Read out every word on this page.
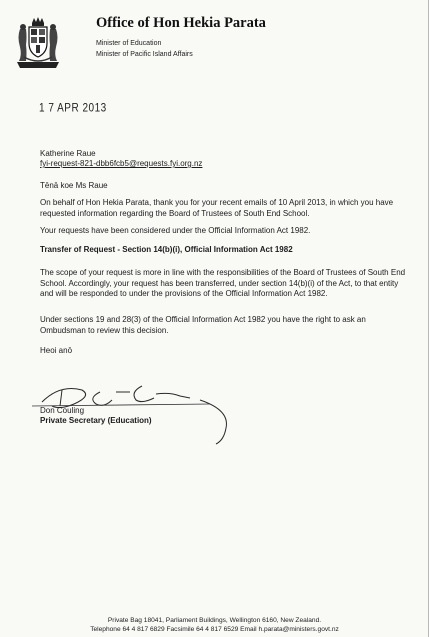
Office of Hon Hekia Parata
Minister of Education
Minister of Pacific Island Affairs
1 7 APR 2013
Katherine Raue
fyi-request-821-dbb6fcb5@requests.fyi.org.nz
Tēnā koe Ms Raue
On behalf of Hon Hekia Parata, thank you for your recent emails of 10 April 2013, in which you have requested information regarding the Board of Trustees of South End School.
Your requests have been considered under the Official Information Act 1982.
Transfer of Request - Section 14(b)(i), Official Information Act 1982
The scope of your request is more in line with the responsibilities of the Board of Trustees of South End School. Accordingly, your request has been transferred, under section 14(b)(i) of the Act, to that entity and will be responded to under the provisions of the Official Information Act 1982.
Under sections 19 and 28(3) of the Official Information Act 1982 you have the right to ask an Ombudsman to review this decision.
Heoi anō
Don Couling
Private Secretary (Education)
Private Bag 18041, Parliament Buildings, Wellington 6160, New Zealand.
Telephone 64 4 817 6829 Facsimile 64 4 817 6529 Email h.parata@ministers.govt.nz
